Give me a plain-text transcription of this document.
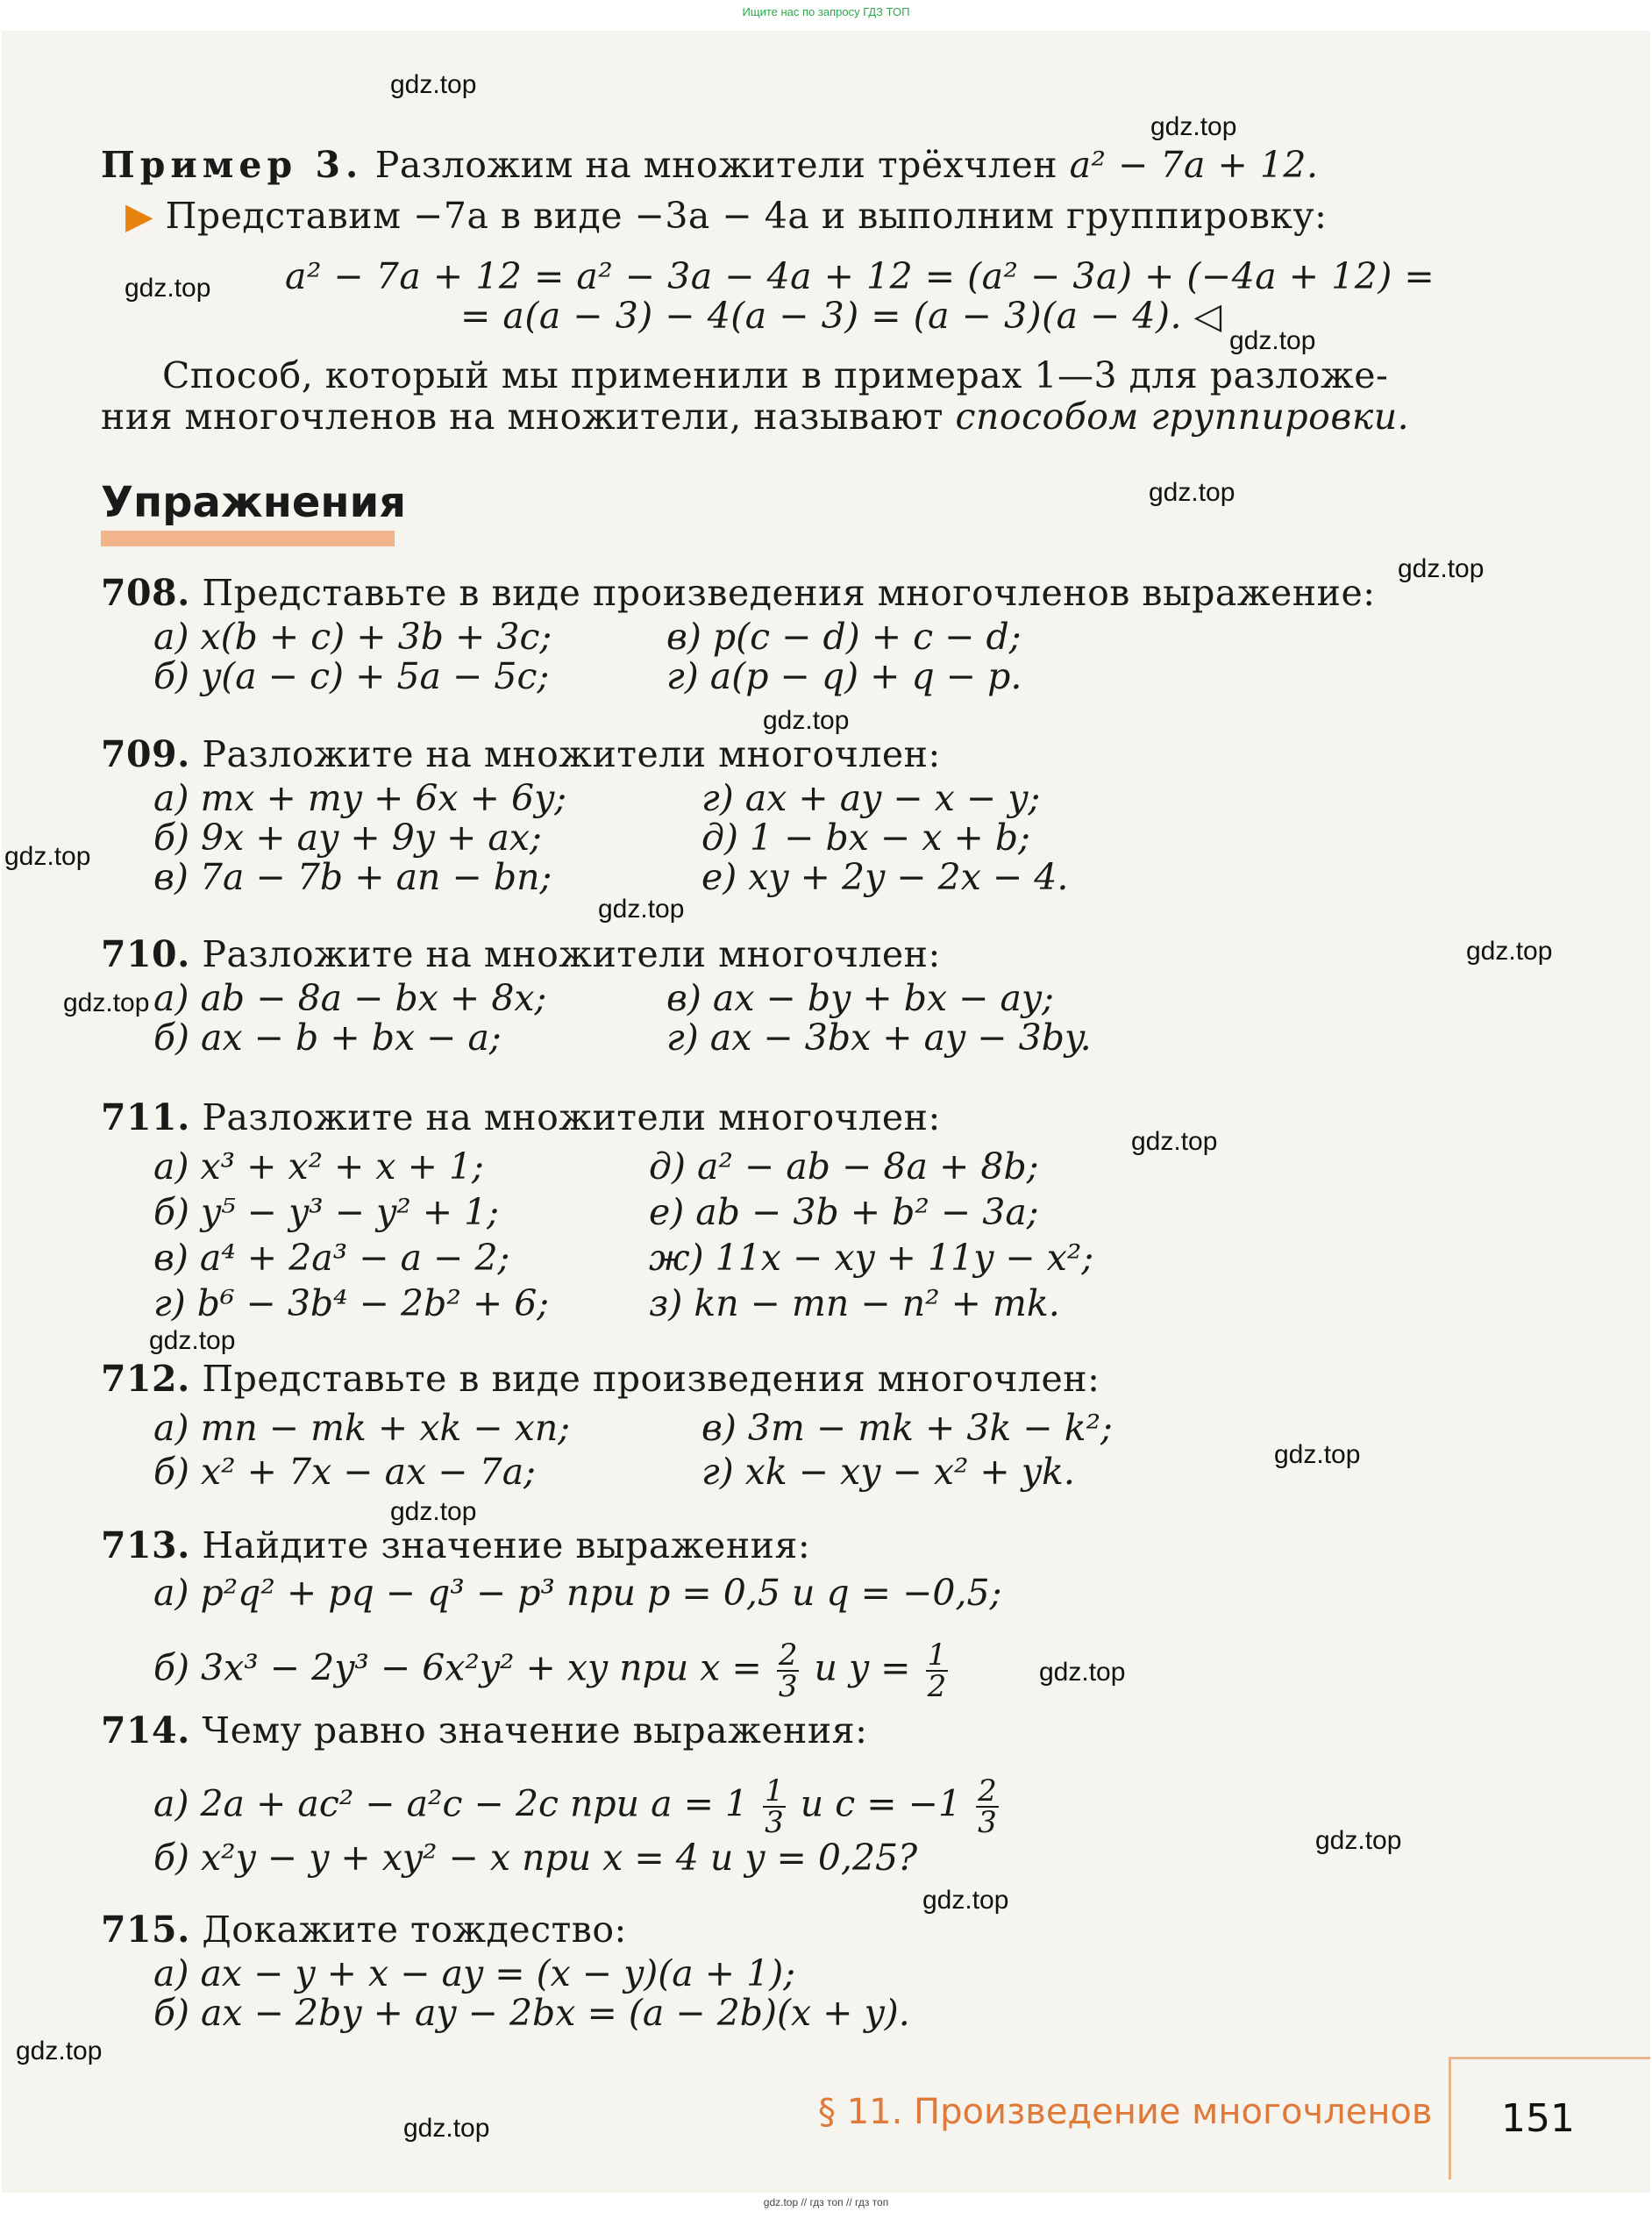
Ищите нас по запросу ГДЗ ТОП
Пример 3. Разложим на множители трёхчлен a² − 7a + 12.
▶ Представим −7a в виде −3a − 4a и выполним группировку:
a² − 7a + 12 = a² − 3a − 4a + 12 = (a² − 3a) + (−4a + 12) =
= a(a − 3) − 4(a − 3) = (a − 3)(a − 4). ◁
Способ, который мы применили в примерах 1—3 для разложе-
ния многочленов на множители, называют способом группировки.
Упражнения
708. Представьте в виде произведения многочленов выражение:
а) x(b + c) + 3b + 3c;	в) p(c − d) + c − d;
б) y(a − c) + 5a − 5c;	г) a(p − q) + q − p.
709. Разложите на множители многочлен:
а) mx + my + 6x + 6y;	г) ax + ay − x − y;
б) 9x + ay + 9y + ax;	д) 1 − bx − x + b;
в) 7a − 7b + an − bn;	е) xy + 2y − 2x − 4.
710. Разложите на множители многочлен:
а) ab − 8a − bx + 8x;	в) ax − by + bx − ay;
б) ax − b + bx − a;	г) ax − 3bx + ay − 3by.
711. Разложите на множители многочлен:
а) x³ + x² + x + 1;	д) a² − ab − 8a + 8b;
б) y⁵ − y³ − y² + 1;	е) ab − 3b + b² − 3a;
в) a⁴ + 2a³ − a − 2;	ж) 11x − xy + 11y − x²;
г) b⁶ − 3b⁴ − 2b² + 6;	з) kn − mn − n² + mk.
712. Представьте в виде произведения многочлен:
а) mn − mk + xk − xn;	в) 3m − mk + 3k − k²;
б) x² + 7x − ax − 7a;	г) xk − xy − x² + yk.
713. Найдите значение выражения:
а) p²q² + pq − q³ − p³ при p = 0,5 и q = −0,5;
б) 3x³ − 2y³ − 6x²y² + xy при $x = \frac{2}{3}$ и $y = \frac{1}{2}$
714. Чему равно значение выражения:
а) 2a + ac² − a²c − 2c при $a = 1 \frac{1}{3}$ и $c = -1 \frac{2}{3}$
б) x²y − y + xy² − x при x = 4 и y = 0,25?
715. Докажите тождество:
а) ax − y + x − ay = (x − y)(a + 1);
б) ax − 2by + ay − 2bx = (a − 2b)(x + y).
§ 11. Произведение многочленов 151
gdz.top
gdz.top
gdz.top
gdz.top
gdz.top
gdz.top
gdz.top
gdz.top
gdz.top
gdz.top
gdz.top
gdz.top
gdz.top
gdz.top
gdz.top
gdz.top
gdz.top
gdz.top
gdz.top
gdz.top
gdz.top // гдз топ // гдз топ
